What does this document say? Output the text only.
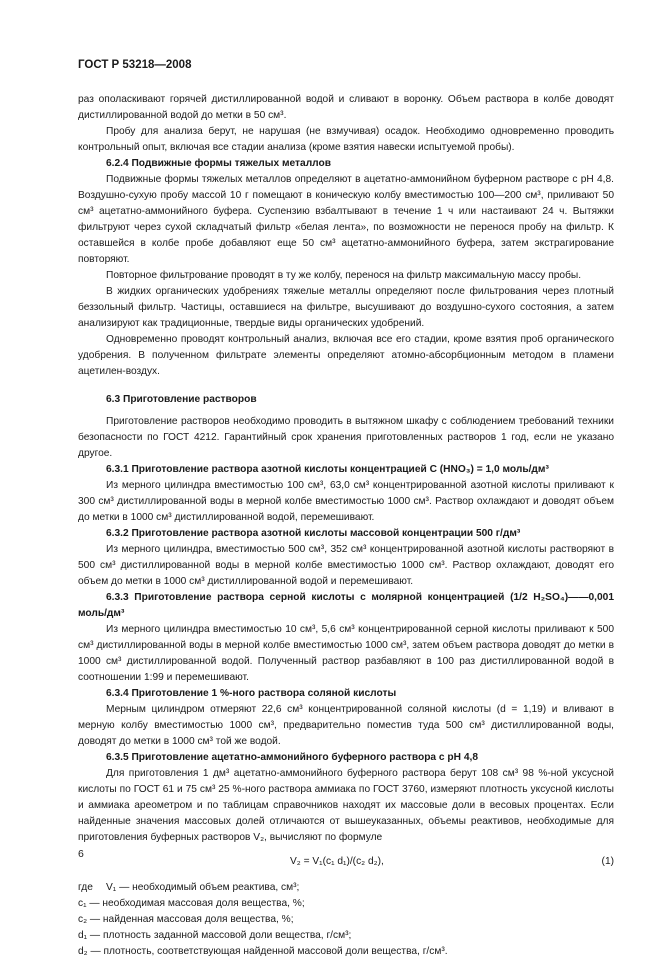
ГОСТ Р 53218—2008

раз ополаскивают горячей дистиллированной водой и сливают в воронку. Объем раствора в колбе доводят дистиллированной водой до метки в 50 см³.

Пробу для анализа берут, не нарушая (не взмучивая) осадок. Необходимо одновременно проводить контрольный опыт, включая все стадии анализа (кроме взятия навески испытуемой пробы).

6.2.4 Подвижные формы тяжелых металлов

Подвижные формы тяжелых металлов определяют в ацетатно-аммонийном буферном растворе с pH 4,8. Воздушно-сухую пробу массой 10 г помещают в коническую колбу вместимостью 100—200 см³, приливают 50 см³ ацетатно-аммонийного буфера. Суспензию взбалтывают в течение 1 ч или настаивают 24 ч. Вытяжки фильтруют через сухой складчатый фильтр «белая лента», по возможности не перенося пробу на фильтр. К оставшейся в колбе пробе добавляют еще 50 см³ ацетатно-аммонийного буфера, затем экстрагирование повторяют.

Повторное фильтрование проводят в ту же колбу, перенося на фильтр максимальную массу пробы.

В жидких органических удобрениях тяжелые металлы определяют после фильтрования через плотный беззольный фильтр. Частицы, оставшиеся на фильтре, высушивают до воздушно-сухого состояния, а затем анализируют как традиционные, твердые виды органических удобрений.

Одновременно проводят контрольный анализ, включая все его стадии, кроме взятия проб органического удобрения. В полученном фильтрате элементы определяют атомно-абсорбционным методом в пламени ацетилен-воздух.

6.3 Приготовление растворов

Приготовление растворов необходимо проводить в вытяжном шкафу с соблюдением требований техники безопасности по ГОСТ 4212. Гарантийный срок хранения приготовленных растворов 1 год, если не указано другое.

6.3.1 Приготовление раствора азотной кислоты концентрацией C (HNO₃) = 1,0 моль/дм³

Из мерного цилиндра вместимостью 100 см³, 63,0 см³ концентрированной азотной кислоты приливают к 300 см³ дистиллированной воды в мерной колбе вместимостью 1000 см³. Раствор охлаждают и доводят объем до метки в 1000 см³ дистиллированной водой, перемешивают.

6.3.2 Приготовление раствора азотной кислоты массовой концентрации 500 г/дм³

Из мерного цилиндра, вместимостью 500 см³, 352 см³ концентрированной азотной кислоты растворяют в 500 см³ дистиллированной воды в мерной колбе вместимостью 1000 см³. Раствор охлаждают, доводят его объем до метки в 1000 см³ дистиллированной водой и перемешивают.

6.3.3 Приготовление раствора серной кислоты с молярной концентрацией (1/2 H₂SO₄)——0,001 моль/дм³

Из мерного цилиндра вместимостью 10 см³, 5,6 см³ концентрированной серной кислоты приливают к 500 см³ дистиллированной воды в мерной колбе вместимостью 1000 см³, затем объем раствора доводят до метки в 1000 см³ дистиллированной водой. Полученный раствор разбавляют в 100 раз дистиллированной водой в соотношении 1:99 и перемешивают.

6.3.4 Приготовление 1 %-ного раствора соляной кислоты

Мерным цилиндром отмеряют 22,6 см³ концентрированной соляной кислоты (d = 1,19) и вливают в мерную колбу вместимостью 1000 см³, предварительно поместив туда 500 см³ дистиллированной воды, доводят до метки в 1000 см³ той же водой.

6.3.5 Приготовление ацетатно-аммонийного буферного раствора с pH 4,8

Для приготовления 1 дм³ ацетатно-аммонийного буферного раствора берут 108 см³ 98 %-ной уксусной кислоты по ГОСТ 61 и 75 см³ 25 %-ного раствора аммиака по ГОСТ 3760, измеряют плотность уксусной кислоты и аммиака ареометром и по таблицам справочников находят их массовые доли в весовых процентах. Если найденные значения массовых долей отличаются от вышеуказанных, объемы реактивов, необходимые для приготовления буферных растворов V₂, вычисляют по формуле

V₂ = V₁(c₁ d₁)/(c₂ d₂),	(1)
где	V₁ — необходимый объем реактива, см³;

c₁ — необходимая массовая доля вещества, %;

c₂ — найденная массовая доля вещества, %;

d₁ — плотность заданной массовой доли вещества, г/см³;

d₂ — плотность, соответствующая найденной массовой доли вещества, г/см³.

6
